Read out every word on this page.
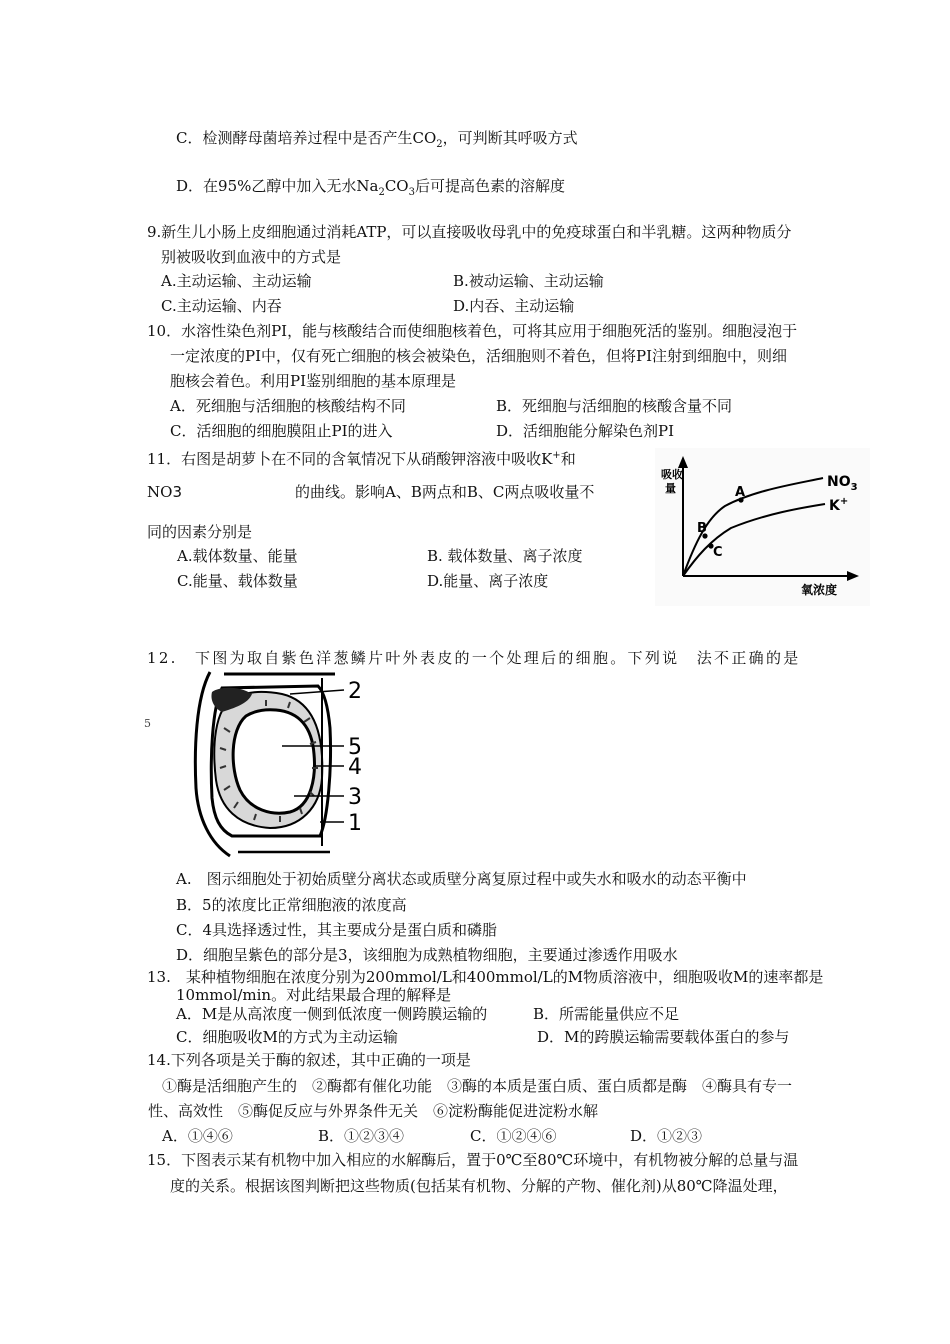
C．检测酵母菌培养过程中是否产生$CO_2$，可判断其呼吸方式
D．在95%乙醇中加入无水$Na_2CO_3$后可提高色素的溶解度
9.新生儿小肠上皮细胞通过消耗ATP，可以直接吸收母乳中的免疫球蛋白和半乳糖。这两种物质分
别被吸收到血液中的方式是
A.主动运输、主动运输	B.被动运输、主动运输
C.主动运输、内吞	D.内吞、主动运输
10．水溶性染色剂PI，能与核酸结合而使细胞核着色，可将其应用于细胞死活的鉴别。细胞浸泡于
一定浓度的PI中，仅有死亡细胞的核会被染色，活细胞则不着色，但将PI注射到细胞中，则细
胞核会着色。利用PI鉴别细胞的基本原理是
A．死细胞与活细胞的核酸结构不同	B．死细胞与活细胞的核酸含量不同
C．活细胞的细胞膜阻止PI的进入	D．活细胞能分解染色剂PI
11．右图是胡萝卜在不同的含氧情况下从硝酸钾溶液中吸收K+和
NO3	的曲线。影响A、B两点和B、C两点吸收量不
同的因素分别是
A.载体数量、能量	B. 载体数量、离子浓度
C.能量、载体数量	D.能量、离子浓度
吸收
量
氧浓度
A
B
C
$NO_3$
K+
12.　下图为取自紫色洋葱鳞片叶外表皮的一个处理后的细胞。下列说　法不正确的是
5
2
5
4
3
1
A.　图示细胞处于初始质壁分离状态或质壁分离复原过程中或失水和吸水的动态平衡中
B．5的浓度比正常细胞液的浓度高
C．4具选择透过性，其主要成分是蛋白质和磷脂
D．细胞呈紫色的部分是3，该细胞为成熟植物细胞，主要通过渗透作用吸水
13.　某种植物细胞在浓度分别为200mmol/L和400mmol/L的M物质溶液中，细胞吸收M的速率都是
10mmol/min。对此结果最合理的解释是
A．M是从高浓度一侧到低浓度一侧跨膜运输的	B．所需能量供应不足
C．细胞吸收M的方式为主动运输	D．M的跨膜运输需要载体蛋白的参与
14.下列各项是关于酶的叙述，其中正确的一项是
①酶是活细胞产生的　②酶都有催化功能　③酶的本质是蛋白质、蛋白质都是酶　④酶具有专一
性、高效性　⑤酶促反应与外界条件无关　⑥淀粉酶能促进淀粉水解
A．①④⑥	B．①②③④	C．①②④⑥	D．①②③
15．下图表示某有机物中加入相应的水解酶后，置于0℃至80℃环境中，有机物被分解的总量与温
度的关系。根据该图判断把这些物质(包括某有机物、分解的产物、催化剂)从80℃降温处理，
